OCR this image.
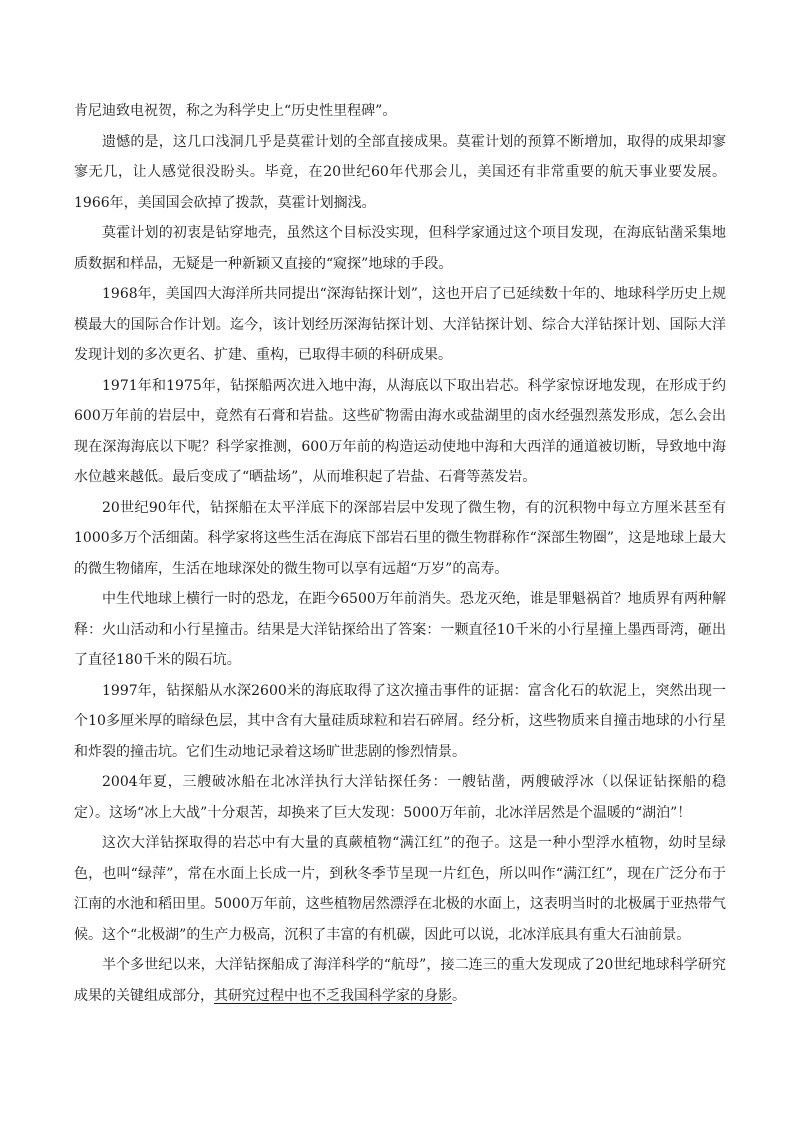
肯尼迪致电祝贺，称之为科学史上“历史性里程碑”。

遗憾的是，这几口浅洞几乎是莫霍计划的全部直接成果。莫霍计划的预算不断增加，取得的成果却寥寥无几，让人感觉很没盼头。毕竟，在20世纪60年代那会儿，美国还有非常重要的航天事业要发展。1966年，美国国会砍掉了拨款，莫霍计划搁浅。

莫霍计划的初衷是钻穿地壳，虽然这个目标没实现，但科学家通过这个项目发现，在海底钻凿采集地质数据和样品，无疑是一种新颖又直接的“窥探”地球的手段。

1968年，美国四大海洋所共同提出“深海钻探计划”，这也开启了已延续数十年的、地球科学历史上规模最大的国际合作计划。迄今，该计划经历深海钻探计划、大洋钻探计划、综合大洋钻探计划、国际大洋发现计划的多次更名、扩建、重构，已取得丰硕的科研成果。

1971年和1975年，钻探船两次进入地中海，从海底以下取出岩芯。科学家惊讶地发现，在形成于约600万年前的岩层中，竟然有石膏和岩盐。这些矿物需由海水或盐湖里的卤水经强烈蒸发形成，怎么会出现在深海海底以下呢？科学家推测，600万年前的构造运动使地中海和大西洋的通道被切断，导致地中海水位越来越低。最后变成了“晒盐场”，从而堆积起了岩盐、石膏等蒸发岩。

20世纪90年代，钻探船在太平洋底下的深部岩层中发现了微生物，有的沉积物中每立方厘米甚至有1000多万个活细菌。科学家将这些生活在海底下部岩石里的微生物群称作“深部生物圈”，这是地球上最大的微生物储库，生活在地球深处的微生物可以享有远超“万岁”的高寿。

中生代地球上横行一时的恐龙，在距今6500万年前消失。恐龙灭绝，谁是罪魁祸首？地质界有两种解释：火山活动和小行星撞击。结果是大洋钻探给出了答案：一颗直径10千米的小行星撞上墨西哥湾，砸出了直径180千米的陨石坑。

1997年，钻探船从水深2600米的海底取得了这次撞击事件的证据：富含化石的软泥上，突然出现一个10多厘米厚的暗绿色层，其中含有大量硅质球粒和岩石碎屑。经分析，这些物质来自撞击地球的小行星和炸裂的撞击坑。它们生动地记录着这场旷世悲剧的惨烈情景。

2004年夏，三艘破冰船在北冰洋执行大洋钻探任务：一艘钻凿，两艘破浮冰（以保证钻探船的稳定）。这场“冰上大战”十分艰苦，却换来了巨大发现：5000万年前，北冰洋居然是个温暖的“湖泊”！

这次大洋钻探取得的岩芯中有大量的真蕨植物“满江红”的孢子。这是一种小型浮水植物，幼时呈绿色，也叫“绿萍”，常在水面上长成一片，到秋冬季节呈现一片红色，所以叫作“满江红”，现在广泛分布于江南的水池和稻田里。5000万年前，这些植物居然漂浮在北极的水面上，这表明当时的北极属于亚热带气候。这个“北极湖”的生产力极高，沉积了丰富的有机碳，因此可以说，北冰洋底具有重大石油前景。

半个多世纪以来，大洋钻探船成了海洋科学的“航母”，接二连三的重大发现成了20世纪地球科学研究成果的关键组成部分，其研究过程中也不乏我国科学家的身影。
